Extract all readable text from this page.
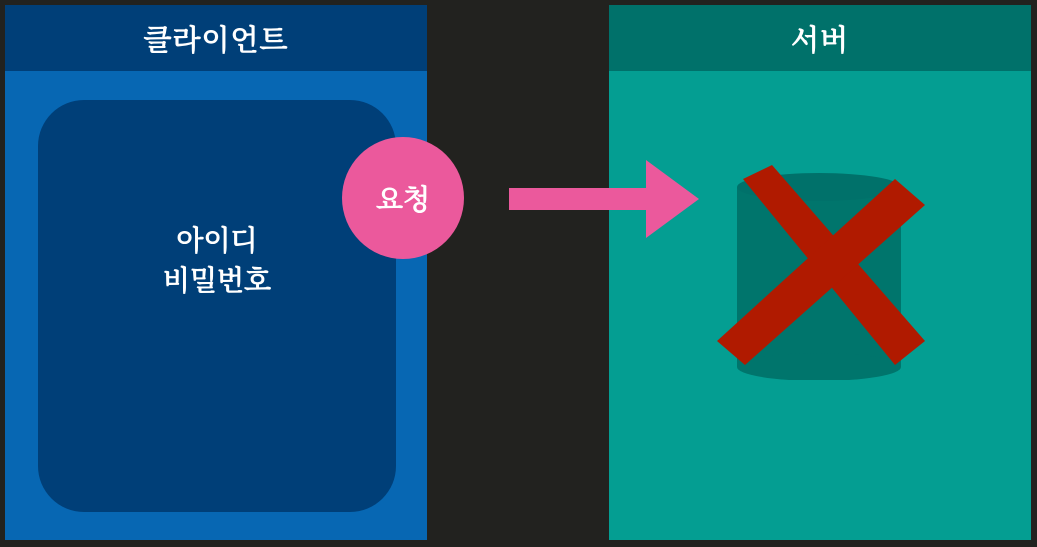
클라이언트
아이디
비밀번호
서버
요청
